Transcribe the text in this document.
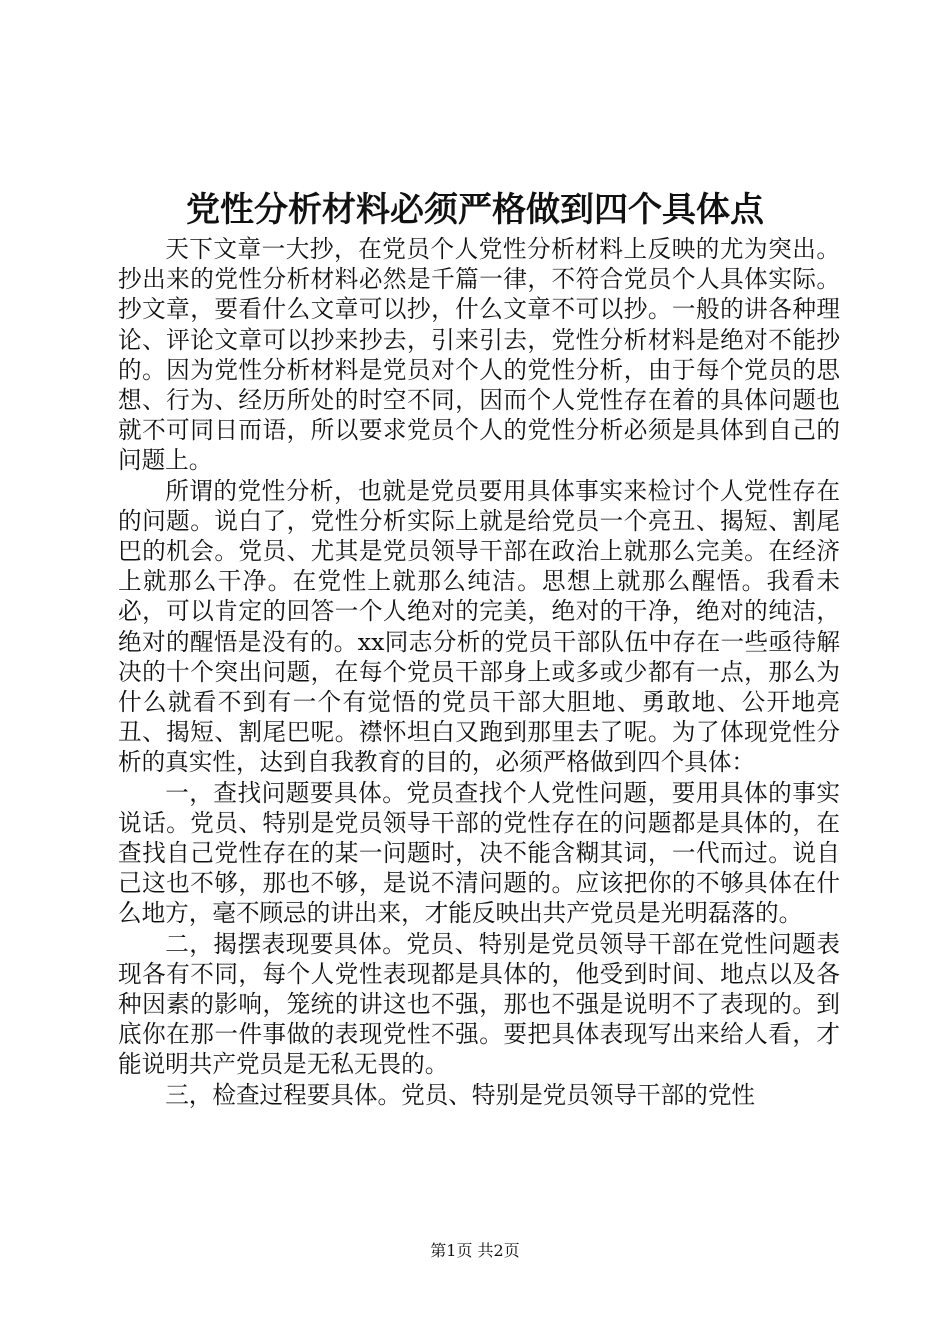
党性分析材料必须严格做到四个具体点

天下文章一大抄，在党员个人党性分析材料上反映的尤为突出。抄出来的党性分析材料必然是千篇一律，不符合党员个人具体实际。抄文章，要看什么文章可以抄，什么文章不可以抄。一般的讲各种理论、评论文章可以抄来抄去，引来引去，党性分析材料是绝对不能抄的。因为党性分析材料是党员对个人的党性分析，由于每个党员的思想、行为、经历所处的时空不同，因而个人党性存在着的具体问题也就不可同日而语，所以要求党员个人的党性分析必须是具体到自己的问题上。

所谓的党性分析，也就是党员要用具体事实来检讨个人党性存在的问题。说白了，党性分析实际上就是给党员一个亮丑、揭短、割尾巴的机会。党员、尤其是党员领导干部在政治上就那么完美。在经济上就那么干净。在党性上就那么纯洁。思想上就那么醒悟。我看未必，可以肯定的回答一个人绝对的完美，绝对的干净，绝对的纯洁，绝对的醒悟是没有的。xx同志分析的党员干部队伍中存在一些亟待解决的十个突出问题，在每个党员干部身上或多或少都有一点，那么为什么就看不到有一个有觉悟的党员干部大胆地、勇敢地、公开地亮丑、揭短、割尾巴呢。襟怀坦白又跑到那里去了呢。为了体现党性分析的真实性，达到自我教育的目的，必须严格做到四个具体：

一，查找问题要具体。党员查找个人党性问题，要用具体的事实说话。党员、特别是党员领导干部的党性存在的问题都是具体的，在查找自己党性存在的某一问题时，决不能含糊其词，一代而过。说自己这也不够，那也不够，是说不清问题的。应该把你的不够具体在什么地方，毫不顾忌的讲出来，才能反映出共产党员是光明磊落的。

二，揭摆表现要具体。党员、特别是党员领导干部在党性问题表现各有不同，每个人党性表现都是具体的，他受到时间、地点以及各种因素的影响，笼统的讲这也不强，那也不强是说明不了表现的。到底你在那一件事做的表现党性不强。要把具体表现写出来给人看，才能说明共产党员是无私无畏的。

三，检查过程要具体。党员、特别是党员领导干部的党性

第1页 共2页
